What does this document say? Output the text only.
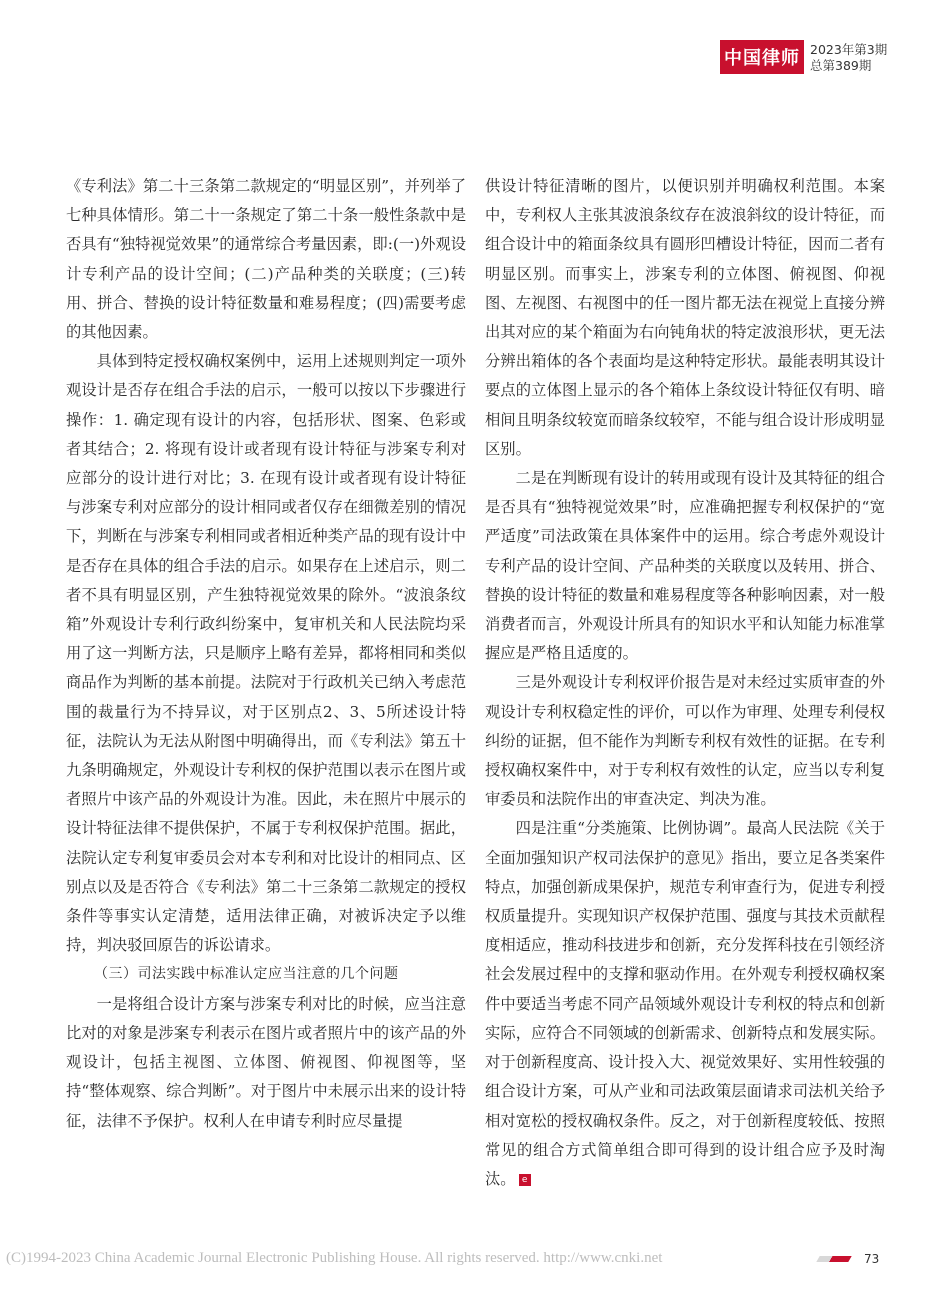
中国律师 2023年第3期
总第389期

《专利法》第二十三条第二款规定的“明显区别”，并列举了七种具体情形。第二十一条规定了第二十条一般性条款中是否具有“独特视觉效果”的通常综合考量因素，即:(一)外观设计专利产品的设计空间；(二)产品种类的关联度；(三)转用、拼合、替换的设计特征数量和难易程度；(四)需要考虑的其他因素。

具体到特定授权确权案例中，运用上述规则判定一项外观设计是否存在组合手法的启示，一般可以按以下步骤进行操作：1. 确定现有设计的内容，包括形状、图案、色彩或者其结合；2. 将现有设计或者现有设计特征与涉案专利对应部分的设计进行对比；3. 在现有设计或者现有设计特征与涉案专利对应部分的设计相同或者仅存在细微差别的情况下，判断在与涉案专利相同或者相近种类产品的现有设计中是否存在具体的组合手法的启示。如果存在上述启示，则二者不具有明显区别，产生独特视觉效果的除外。“波浪条纹箱”外观设计专利行政纠纷案中，复审机关和人民法院均采用了这一判断方法，只是顺序上略有差异，都将相同和类似商品作为判断的基本前提。法院对于行政机关已纳入考虑范围的裁量行为不持异议，对于区别点2、3、5所述设计特征，法院认为无法从附图中明确得出，而《专利法》第五十九条明确规定，外观设计专利权的保护范围以表示在图片或者照片中该产品的外观设计为准。因此，未在照片中展示的设计特征法律不提供保护，不属于专利权保护范围。据此，法院认定专利复审委员会对本专利和对比设计的相同点、区别点以及是否符合《专利法》第二十三条第二款规定的授权条件等事实认定清楚，适用法律正确，对被诉决定予以维持，判决驳回原告的诉讼请求。

（三）司法实践中标准认定应当注意的几个问题

一是将组合设计方案与涉案专利对比的时候，应当注意比对的对象是涉案专利表示在图片或者照片中的该产品的外观设计，包括主视图、立体图、俯视图、仰视图等，坚持“整体观察、综合判断”。对于图片中未展示出来的设计特征，法律不予保护。权利人在申请专利时应尽量提

供设计特征清晰的图片，以便识别并明确权利范围。本案中，专利权人主张其波浪条纹存在波浪斜纹的设计特征，而组合设计中的箱面条纹具有圆形凹槽设计特征，因而二者有明显区别。而事实上，涉案专利的立体图、俯视图、仰视图、左视图、右视图中的任一图片都无法在视觉上直接分辨出其对应的某个箱面为右向钝角状的特定波浪形状，更无法分辨出箱体的各个表面均是这种特定形状。最能表明其设计要点的立体图上显示的各个箱体上条纹设计特征仅有明、暗相间且明条纹较宽而暗条纹较窄，不能与组合设计形成明显区别。

二是在判断现有设计的转用或现有设计及其特征的组合是否具有“独特视觉效果”时，应准确把握专利权保护的“宽严适度”司法政策在具体案件中的运用。综合考虑外观设计专利产品的设计空间、产品种类的关联度以及转用、拼合、替换的设计特征的数量和难易程度等各种影响因素，对一般消费者而言，外观设计所具有的知识水平和认知能力标准掌握应是严格且适度的。

三是外观设计专利权评价报告是对未经过实质审查的外观设计专利权稳定性的评价，可以作为审理、处理专利侵权纠纷的证据，但不能作为判断专利权有效性的证据。在专利授权确权案件中，对于专利权有效性的认定，应当以专利复审委员和法院作出的审查决定、判决为准。

四是注重“分类施策、比例协调”。最高人民法院《关于全面加强知识产权司法保护的意见》指出，要立足各类案件特点，加强创新成果保护，规范专利审查行为，促进专利授权质量提升。实现知识产权保护范围、强度与其技术贡献程度相适应，推动科技进步和创新，充分发挥科技在引领经济社会发展过程中的支撑和驱动作用。在外观专利授权确权案件中要适当考虑不同产品领域外观设计专利权的特点和创新实际，应符合不同领域的创新需求、创新特点和发展实际。对于创新程度高、设计投入大、视觉效果好、实用性较强的组合设计方案，可从产业和司法政策层面请求司法机关给予相对宽松的授权确权条件。反之，对于创新程度较低、按照常见的组合方式简单组合即可得到的设计组合应予及时淘汰。 e

(C)1994-2023 China Academic Journal Electronic Publishing House. All rights reserved. http://www.cnki.net	73
